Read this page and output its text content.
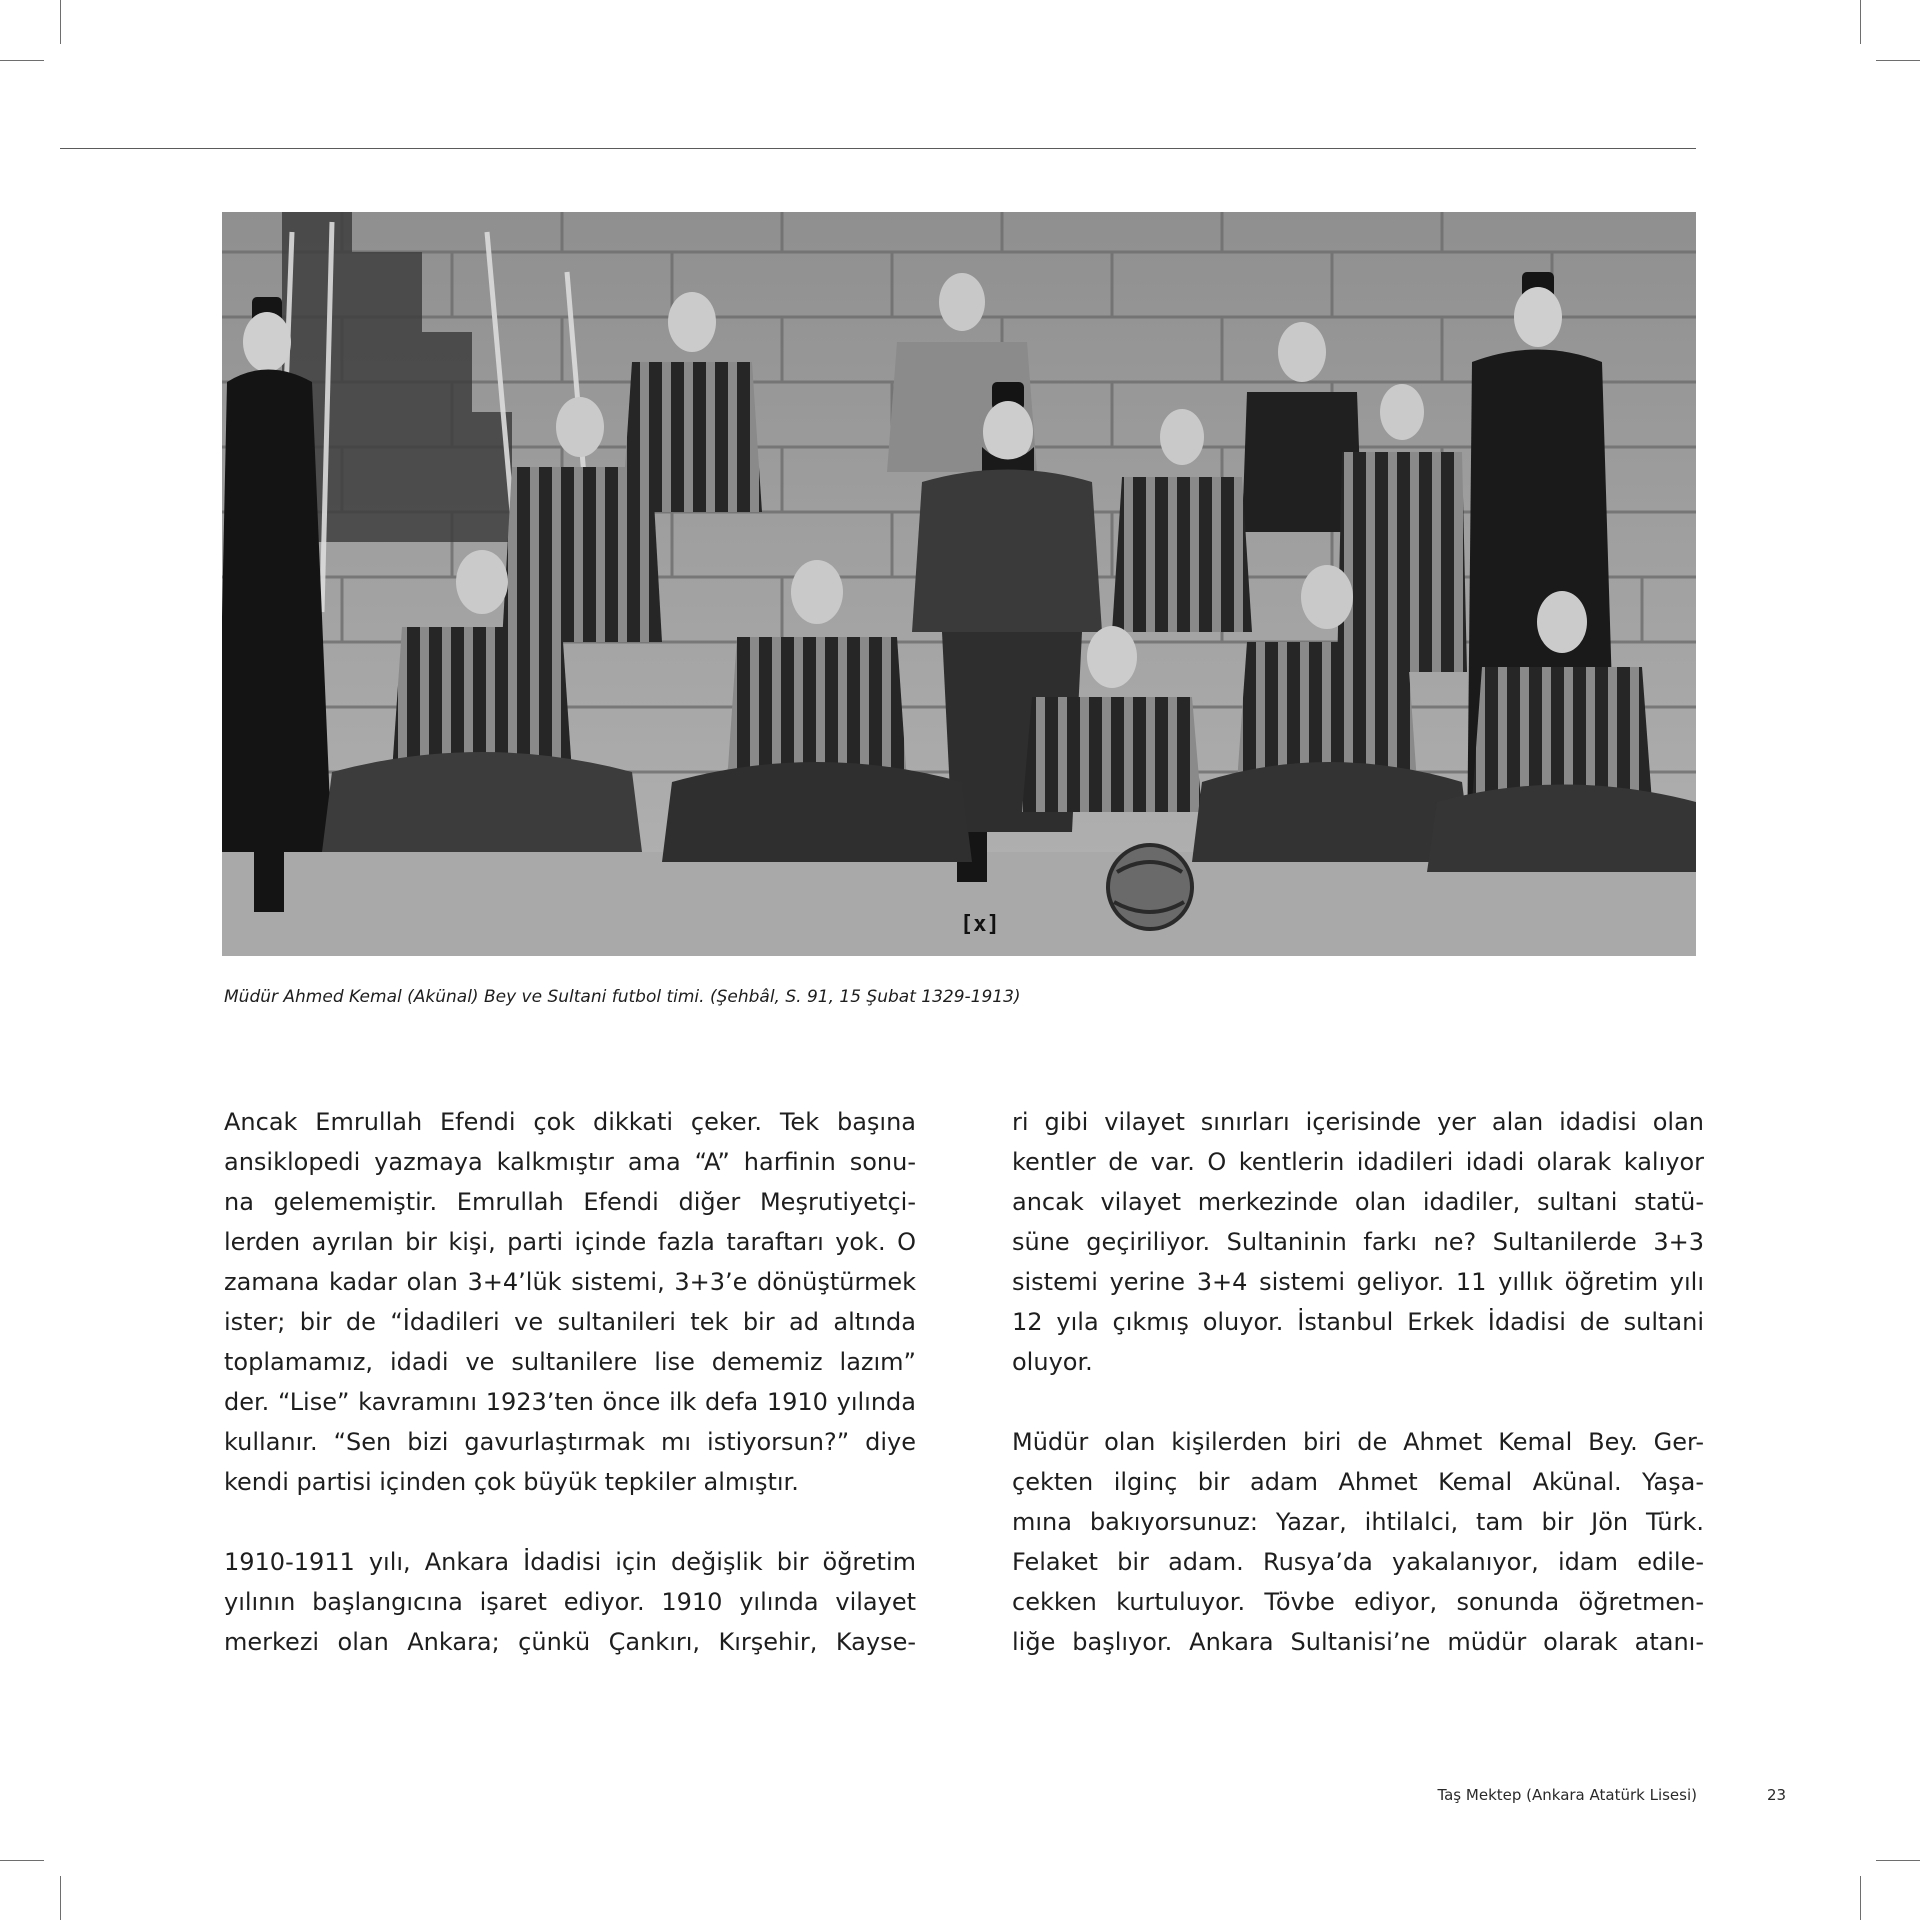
[x]
Müdür Ahmed Kemal (Akünal) Bey ve Sultani futbol timi. (Şehbâl, S. 91, 15 Şubat 1329-1913)
Ancak Emrullah Efendi çok dikkati çeker. Tek başına
ansiklopedi yazmaya kalkmıştır ama “A” harfinin sonu-
na gelememiştir. Emrullah Efendi diğer Meşrutiyetçi-
lerden ayrılan bir kişi, parti içinde fazla taraftarı yok. O
zamana kadar olan 3+4’lük sistemi, 3+3’e dönüştürmek
ister; bir de “İdadileri ve sultanileri tek bir ad altında
toplamamız, idadi ve sultanilere lise dememiz lazım”
der. “Lise” kavramını 1923’ten önce ilk defa 1910 yılında
kullanır. “Sen bizi gavurlaştırmak mı istiyorsun?” diye
kendi partisi içinden çok büyük tepkiler almıştır.
1910-1911 yılı, Ankara İdadisi için değişlik bir öğretim
yılının başlangıcına işaret ediyor. 1910 yılında vilayet
merkezi olan Ankara; çünkü Çankırı, Kırşehir, Kayse-
ri gibi vilayet sınırları içerisinde yer alan idadisi olan
kentler de var. O kentlerin idadileri idadi olarak kalıyor
ancak vilayet merkezinde olan idadiler, sultani statü-
süne geçiriliyor. Sultaninin farkı ne? Sultanilerde 3+3
sistemi yerine 3+4 sistemi geliyor. 11 yıllık öğretim yılı
12 yıla çıkmış oluyor. İstanbul Erkek İdadisi de sultani
oluyor.
Müdür olan kişilerden biri de Ahmet Kemal Bey. Ger-
çekten ilginç bir adam Ahmet Kemal Akünal. Yaşa-
mına bakıyorsunuz: Yazar, ihtilalci, tam bir Jön Türk.
Felaket bir adam. Rusya’da yakalanıyor, idam edile-
cekken kurtuluyor. Tövbe ediyor, sonunda öğretmen-
liğe başlıyor. Ankara Sultanisi’ne müdür olarak atanı-
Taş Mektep (Ankara Atatürk Lisesi)	23
